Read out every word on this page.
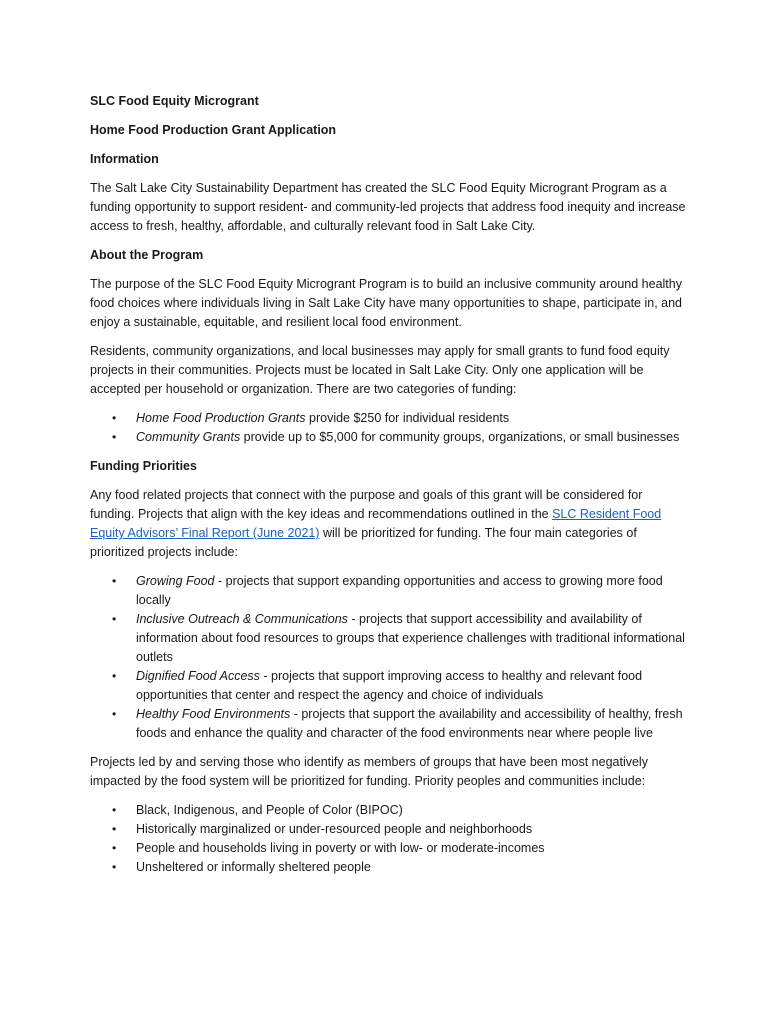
SLC Food Equity Microgrant
Home Food Production Grant Application
Information

The Salt Lake City Sustainability Department has created the SLC Food Equity Microgrant Program as a funding opportunity to support resident- and community-led projects that address food inequity and increase access to fresh, healthy, affordable, and culturally relevant food in Salt Lake City.

About the Program

The purpose of the SLC Food Equity Microgrant Program is to build an inclusive community around healthy food choices where individuals living in Salt Lake City have many opportunities to shape, participate in, and enjoy a sustainable, equitable, and resilient local food environment.

Residents, community organizations, and local businesses may apply for small grants to fund food equity projects in their communities. Projects must be located in Salt Lake City. Only one application will be accepted per household or organization. There are two categories of funding:

• Home Food Production Grants provide $250 for individual residents
• Community Grants provide up to $5,000 for community groups, organizations, or small businesses
Funding Priorities

Any food related projects that connect with the purpose and goals of this grant will be considered for funding. Projects that align with the key ideas and recommendations outlined in the SLC Resident Food Equity Advisors’ Final Report (June 2021) will be prioritized for funding. The four main categories of prioritized projects include:

• Growing Food - projects that support expanding opportunities and access to growing more food locally
• Inclusive Outreach & Communications - projects that support accessibility and availability of information about food resources to groups that experience challenges with traditional informational outlets
• Dignified Food Access - projects that support improving access to healthy and relevant food opportunities that center and respect the agency and choice of individuals
• Healthy Food Environments - projects that support the availability and accessibility of healthy, fresh foods and enhance the quality and character of the food environments near where people live

Projects led by and serving those who identify as members of groups that have been most negatively impacted by the food system will be prioritized for funding. Priority peoples and communities include:

• Black, Indigenous, and People of Color (BIPOC)
• Historically marginalized or under-resourced people and neighborhoods
• People and households living in poverty or with low- or moderate-incomes
• Unsheltered or informally sheltered people
